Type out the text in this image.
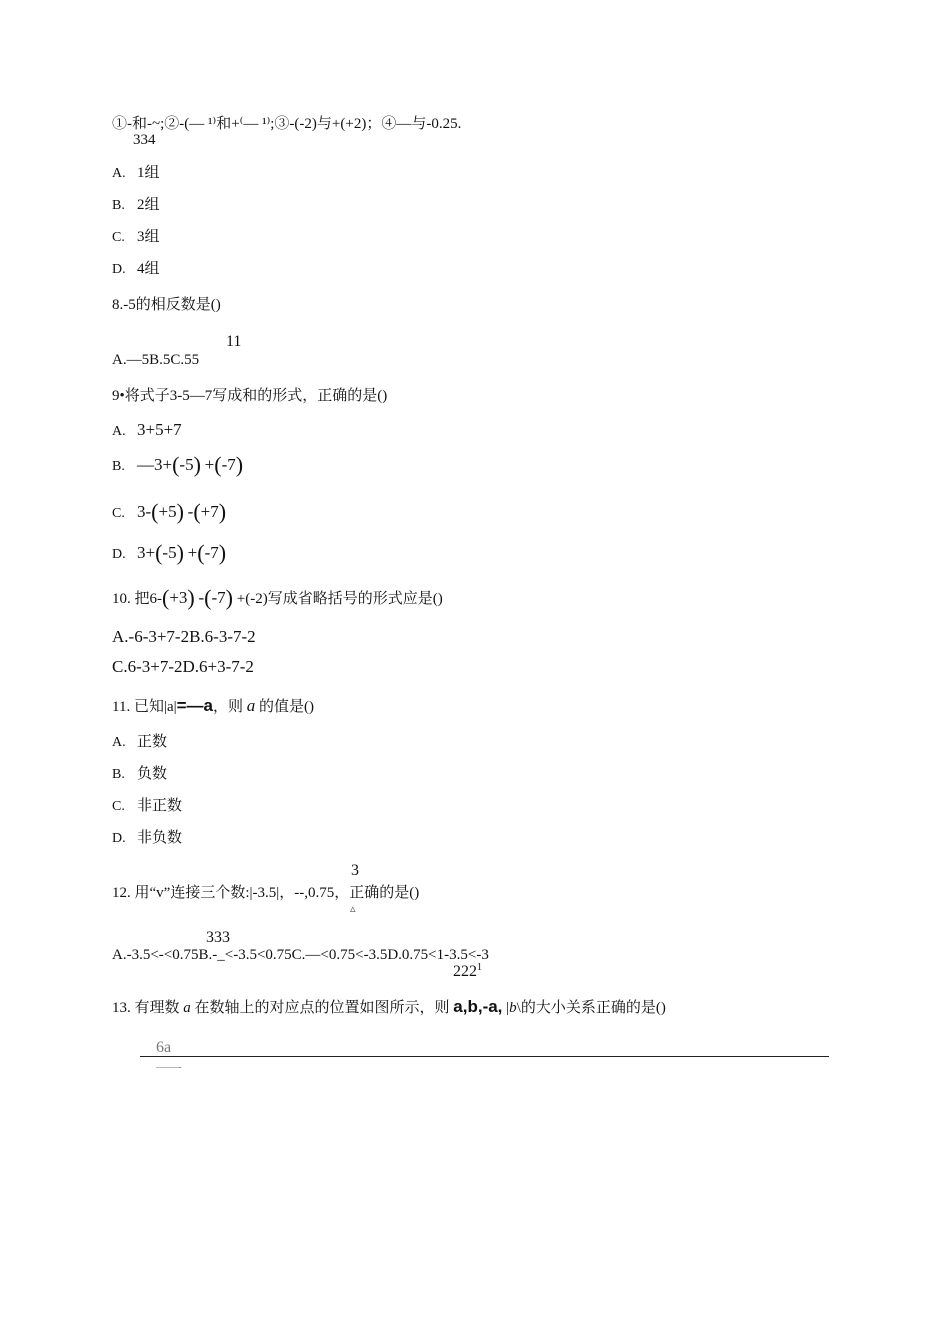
①-和-~;②-(— ¹⁾和+⁽— ¹⁾;③-(-2)与+(+2)；④—与-0.25.
334
A. 1组
B. 2组
C. 3组
D. 4组
8.-5的相反数是()
11
A.—5B.5C.55
9•将式子3-5—7写成和的形式，正确的是()
A. 3+5+7
B. —3+(-5) +(-7)
C. 3-(+5) -(+7)
D. 3+(-5) +(-7)
10. 把6-(+3) -(-7) +(-2)写成省略括号的形式应是()
A.-6-3+7-2B.6-3-7-2
C.6-3+7-2D.6+3-7-2
11. 已知|a|=—a，则 a 的值是()
A. 正数
B. 负数
C. 非正数
D. 非负数
3
12. 用“v”连接三个数:|-3.5|，--,0.75，正确的是()
▵
333
A.-3.5<-<0.75B.-_<-3.5<0.75C.—<0.75<-3.5D.0.75<1-3.5<-3
$222^1$
13. 有理数 a 在数轴上的对应点的位置如图所示，则 a,b,-a, |b\的大小关系正确的是()
6a
——-
